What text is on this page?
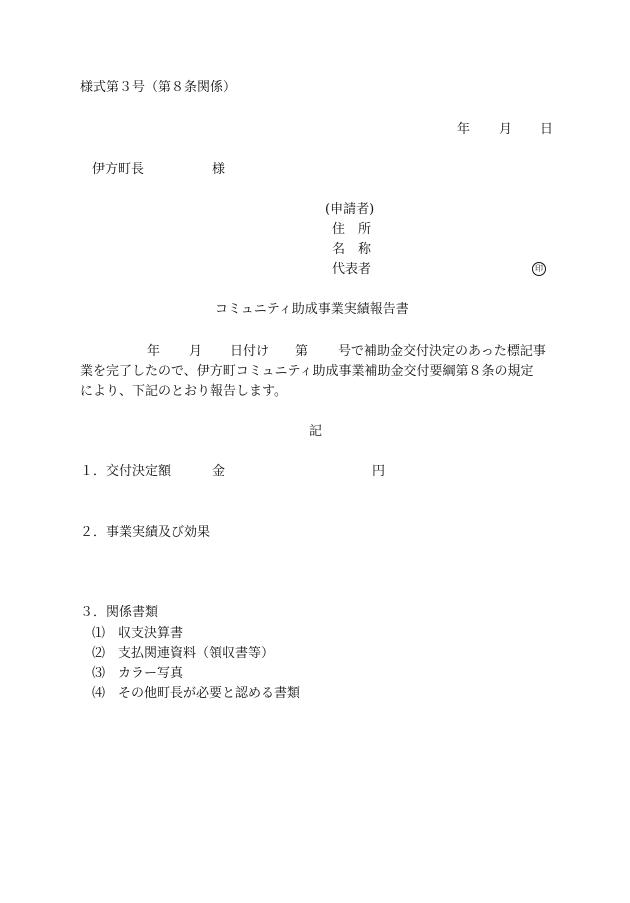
様式第３号（第８条関係）
年 月 日
伊方町長	様
(申請者)
住　所
名　称
代表者	印
コミュニティ助成事業実績報告書
年 月 日付け 第 号で補助金交付決定のあった標記事
業を完了したので、伊方町コミュニティ助成事業補助金交付要綱第８条の規定
により、下記のとおり報告します。
記
１．交付決定額	金	円
２．事業実績及び効果
３．関係書類
⑴ 収支決算書
⑵ 支払関連資料（領収書等）
⑶ カラー写真
⑷ その他町長が必要と認める書類
